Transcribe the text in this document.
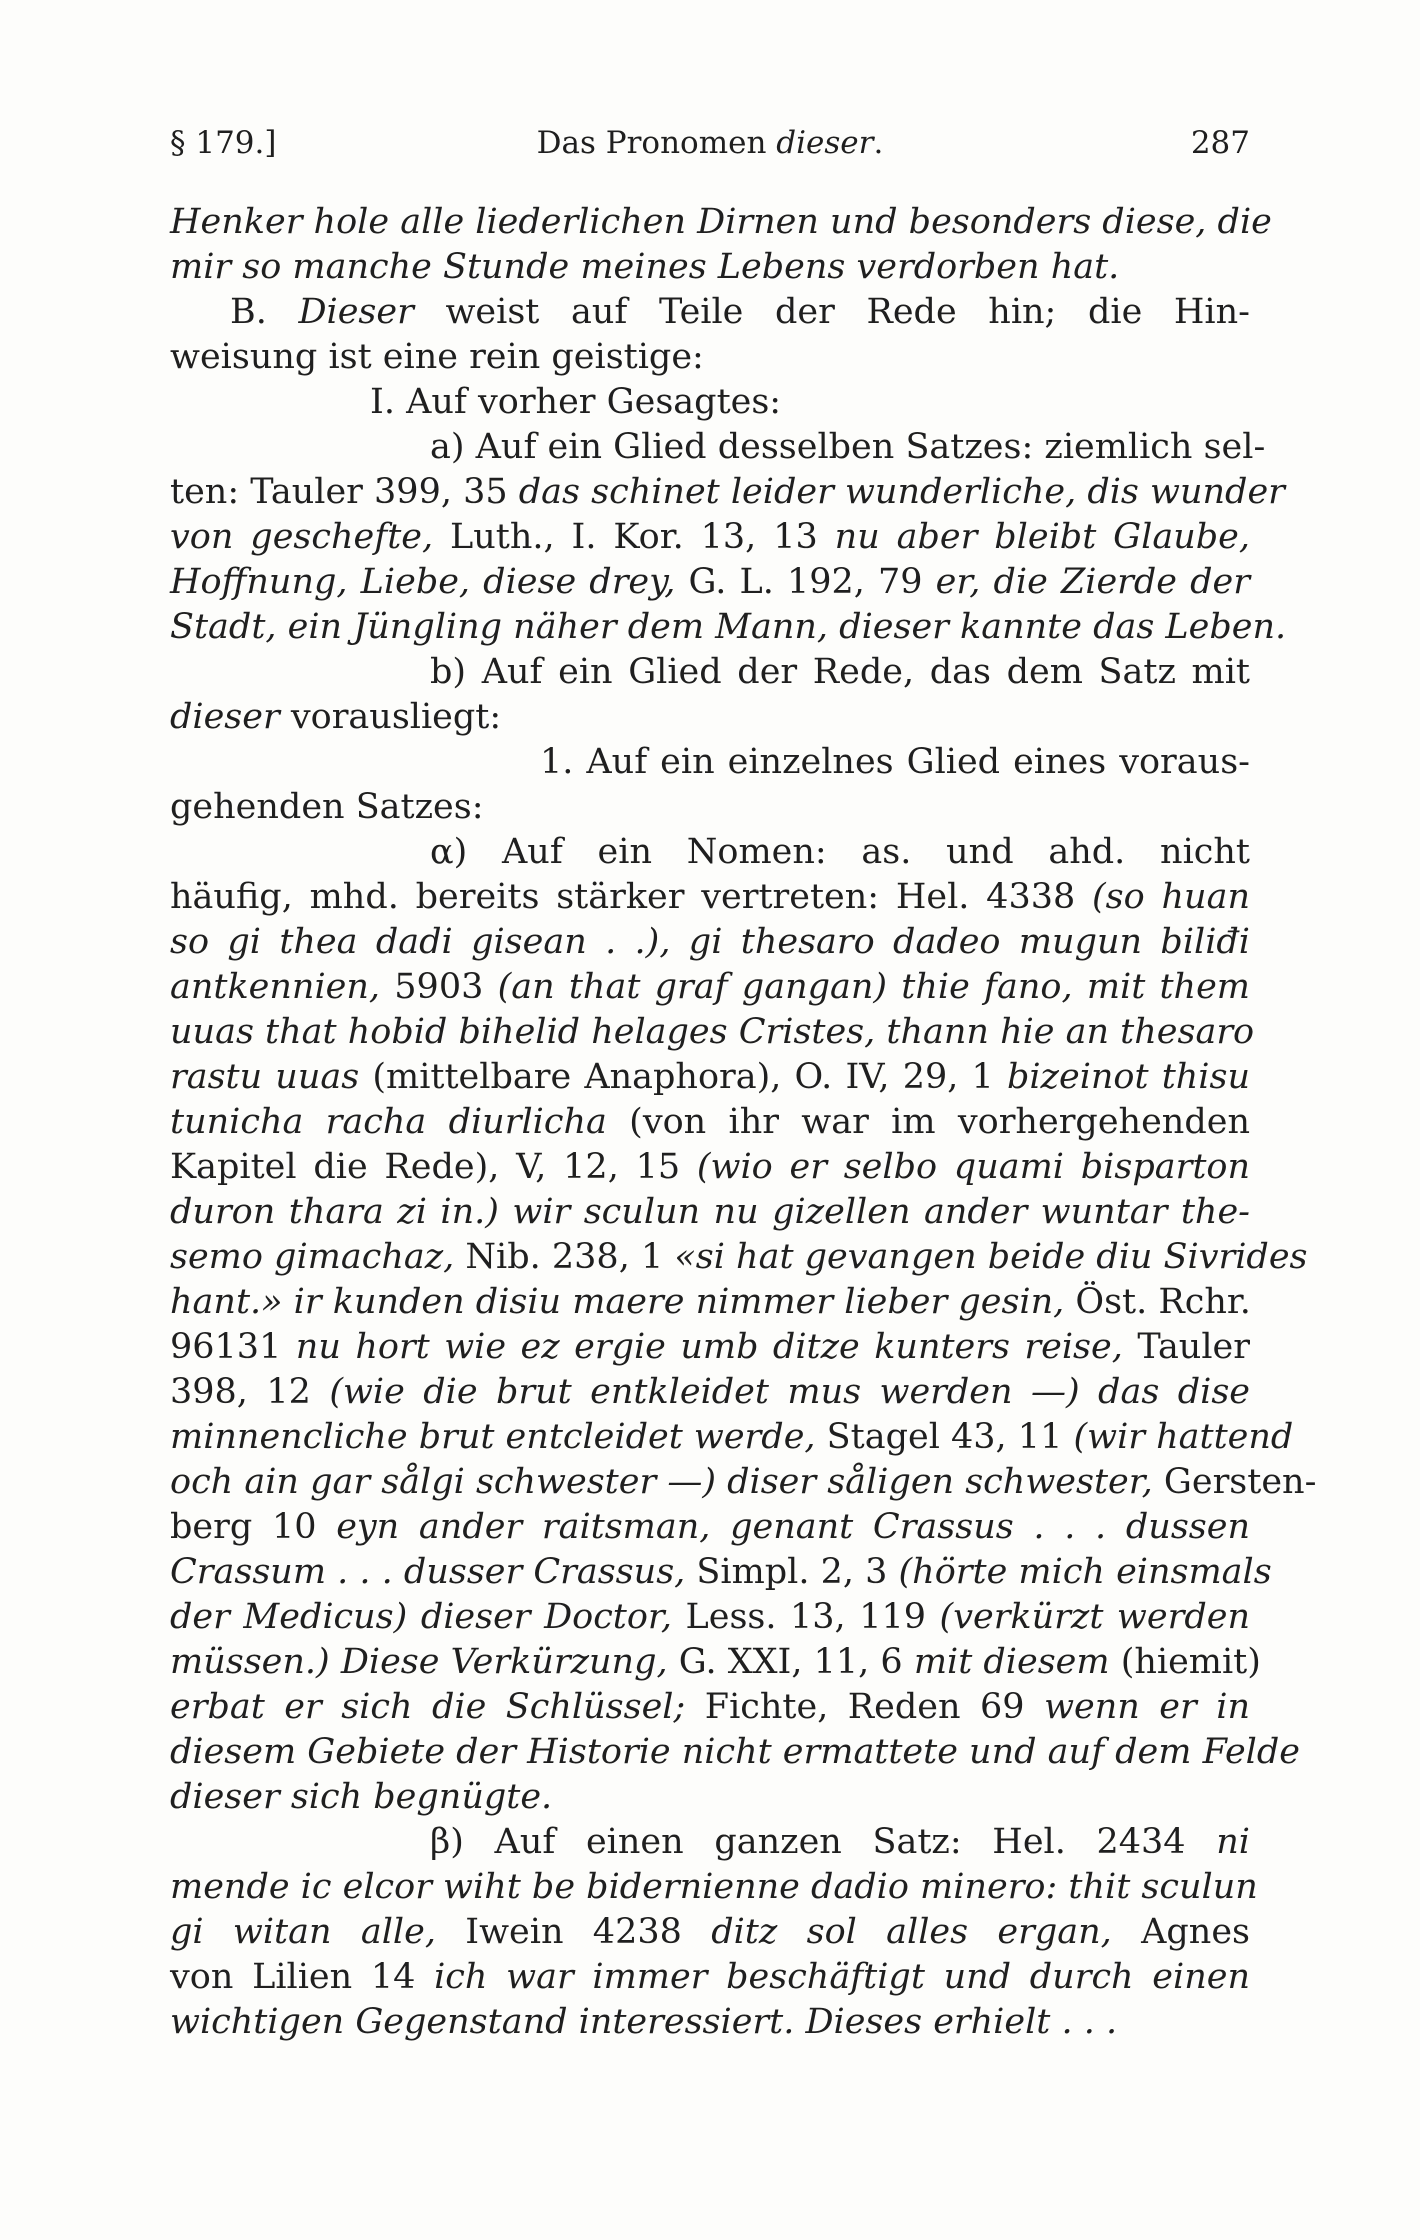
§ 179.]	Das Pronomen dieser.	287
Henker hole alle liederlichen Dirnen und besonders diese, die
mir so manche Stunde meines Lebens verdorben hat.
B. Dieser weist auf Teile der Rede hin; die Hin-
weisung ist eine rein geistige:
I. Auf vorher Gesagtes:
a) Auf ein Glied desselben Satzes: ziemlich sel-
ten: Tauler 399, 35 das schinet leider wunderliche, dis wunder
von geschefte, Luth., I. Kor. 13, 13 nu aber bleibt Glaube,
Hoffnung, Liebe, diese drey, G. L. 192, 79 er, die Zierde der
Stadt, ein Jüngling näher dem Mann, dieser kannte das Leben.
b) Auf ein Glied der Rede, das dem Satz mit
dieser vorausliegt:
1. Auf ein einzelnes Glied eines voraus-
gehenden Satzes:
α) Auf ein Nomen: as. und ahd. nicht
häufig, mhd. bereits stärker vertreten: Hel. 4338 (so huan
so gi thea dadi gisean . .), gi thesaro dadeo mugun biliđi
antkennien, 5903 (an that graf gangan) thie fano, mit them
uuas that hobid bihelid helages Cristes, thann hie an thesaro
rastu uuas (mittelbare Anaphora), O. IV, 29, 1 bizeinot thisu
tunicha racha diurlicha (von ihr war im vorhergehenden
Kapitel die Rede), V, 12, 15 (wio er selbo quami bisparton
duron thara zi in.) wir sculun nu gizellen ander wuntar the-
semo gimachaz, Nib. 238, 1 «si hat gevangen beide diu Sivrides
hant.» ir kunden disiu maere nimmer lieber gesin, Öst. Rchr.
96131 nu hort wie ez ergie umb ditze kunters reise, Tauler
398, 12 (wie die brut entkleidet mus werden —) das dise
minnencliche brut entcleidet werde, Stagel 43, 11 (wir hattend
och ain gar sålgi schwester —) diser såligen schwester, Gersten-
berg 10 eyn ander raitsman, genant Crassus . . . dussen
Crassum . . . dusser Crassus, Simpl. 2, 3 (hörte mich einsmals
der Medicus) dieser Doctor, Less. 13, 119 (verkürzt werden
müssen.) Diese Verkürzung, G. XXI, 11, 6 mit diesem (hiemit)
erbat er sich die Schlüssel; Fichte, Reden 69 wenn er in
diesem Gebiete der Historie nicht ermattete und auf dem Felde
dieser sich begnügte.
β) Auf einen ganzen Satz: Hel. 2434 ni
mende ic elcor wiht be bidernienne dadio minero: thit sculun
gi witan alle, Iwein 4238 ditz sol alles ergan, Agnes
von Lilien 14 ich war immer beschäftigt und durch einen
wichtigen Gegenstand interessiert. Dieses erhielt . . .
